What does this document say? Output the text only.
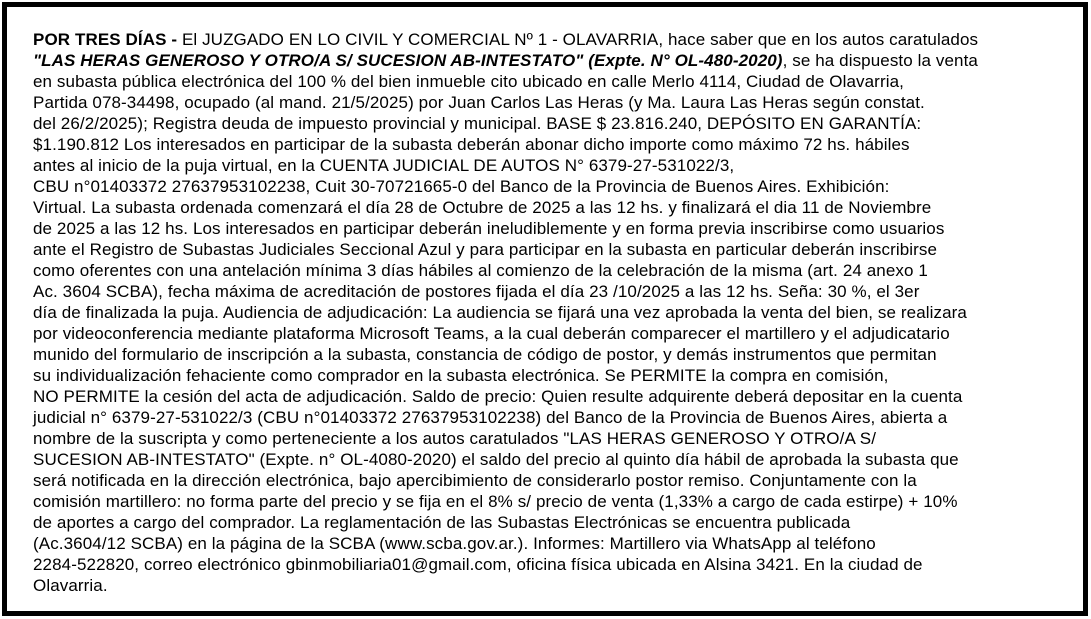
POR TRES DÍAS - El JUZGADO EN LO CIVIL Y COMERCIAL Nº 1 - OLAVARRIA, hace saber que en los autos caratulados
"LAS HERAS GENEROSO Y OTRO/A S/ SUCESION AB-INTESTATO" (Expte. N° OL-480-2020), se ha dispuesto la venta
en subasta pública electrónica del 100 % del bien inmueble cito ubicado en calle Merlo 4114, Ciudad de Olavarria,
Partida 078-34498, ocupado (al mand. 21/5/2025) por Juan Carlos Las Heras (y Ma. Laura Las Heras según constat.
del 26/2/2025); Registra deuda de impuesto provincial y municipal. BASE $ 23.816.240, DEPÓSITO EN GARANTÍA:
$1.190.812 Los interesados en participar de la subasta deberán abonar dicho importe como máximo 72 hs. hábiles
antes al inicio de la puja virtual, en la CUENTA JUDICIAL DE AUTOS N° 6379-27-531022/3,
CBU n°01403372 27637953102238, Cuit 30-70721665-0 del Banco de la Provincia de Buenos Aires. Exhibición:
Virtual. La subasta ordenada comenzará el día 28 de Octubre de 2025 a las 12 hs. y finalizará el dia 11 de Noviembre
de 2025 a las 12 hs. Los interesados en participar deberán ineludiblemente y en forma previa inscribirse como usuarios
ante el Registro de Subastas Judiciales Seccional Azul y para participar en la subasta en particular deberán inscribirse
como oferentes con una antelación mínima 3 días hábiles al comienzo de la celebración de la misma (art. 24 anexo 1
Ac. 3604 SCBA), fecha máxima de acreditación de postores fijada el día 23 /10/2025 a las 12 hs. Seña: 30 %, el 3er
día de finalizada la puja. Audiencia de adjudicación: La audiencia se fijará una vez aprobada la venta del bien, se realizara
por videoconferencia mediante plataforma Microsoft Teams, a la cual deberán comparecer el martillero y el adjudicatario
munido del formulario de inscripción a la subasta, constancia de código de postor, y demás instrumentos que permitan
su individualización fehaciente como comprador en la subasta electrónica. Se PERMITE la compra en comisión,
NO PERMITE la cesión del acta de adjudicación. Saldo de precio: Quien resulte adquirente deberá depositar en la cuenta
judicial n° 6379-27-531022/3 (CBU n°01403372 27637953102238) del Banco de la Provincia de Buenos Aires, abierta a
nombre de la suscripta y como perteneciente a los autos caratulados "LAS HERAS GENEROSO Y OTRO/A S/
SUCESION AB-INTESTATO" (Expte. n° OL-4080-2020) el saldo del precio al quinto día hábil de aprobada la subasta que
será notificada en la dirección electrónica, bajo apercibimiento de considerarlo postor remiso. Conjuntamente con la
comisión martillero: no forma parte del precio y se fija en el 8% s/ precio de venta (1,33% a cargo de cada estirpe) + 10%
de aportes a cargo del comprador. La reglamentación de las Subastas Electrónicas se encuentra publicada
(Ac.3604/12 SCBA) en la página de la SCBA (www.scba.gov.ar.). Informes: Martillero via WhatsApp al teléfono
2284-522820, correo electrónico gbinmobiliaria01@gmail.com, oficina física ubicada en Alsina 3421. En la ciudad de
Olavarria.
